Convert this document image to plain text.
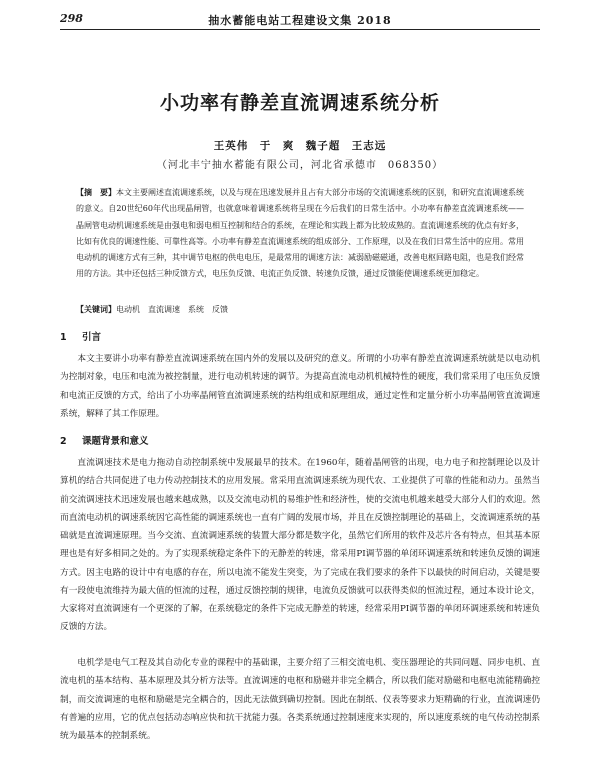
298	抽水蓄能电站工程建设文集 2018
小功率有静差直流调速系统分析
王英伟　于　爽　魏子超　王志远
（河北丰宁抽水蓄能有限公司，河北省承德市　068350）
【摘　要】本文主要阐述直流调速系统，以及与现在迅速发展并且占有大部分市场的交流调速系统的区别，和研究直流调速系统的意义。自20世纪60年代出现晶闸管，也就意味着调速系统将呈现在今后我们的日常生活中。小功率有静差直流调速系统——晶闸管电动机调速系统是由强电和弱电相互控制和结合的系统，在理论和实践上都为比较成熟的。直流调速系统的优点有好多，比如有优良的调速性能、可靠性高等。小功率有静差直流调速系统的组成部分、工作原理，以及在我们日常生活中的应用。常用电动机的调速方式有三种，其中调节电枢的供电电压，是最常用的调速方法：减弱励磁磁通，改善电枢回路电阻，也是我们经常用的方法。其中还包括三种反馈方式，电压负反馈、电流正负反馈、转速负反馈，通过反馈能使调速系统更加稳定。
【关键词】电动机　直流调速　系统　反馈
1 引言
本文主要讲小功率有静差直流调速系统在国内外的发展以及研究的意义。所谓的小功率有静差直流调速系统就是以电动机为控制对象，电压和电流为被控制量，进行电动机转速的调节。为提高直流电动机机械特性的硬度，我们常采用了电压负反馈和电流正反馈的方式，给出了小功率晶闸管直流调速系统的结构组成和原理组成，通过定性和定量分析小功率晶闸管直流调速系统，解释了其工作原理。
2 课题背景和意义
直流调速技术是电力拖动自动控制系统中发展最早的技术。在1960年，随着晶闸管的出现，电力电子和控制理论以及计算机的结合共同促进了电力传动控制技术的应用发展。常采用直流调速系统为现代农、工业提供了可靠的性能和动力。虽然当前交流调速技术迅速发展也越来越成熟，以及交流电动机的易维护性和经济性，使的交流电机越来越受大部分人们的欢迎。然而直流电动机的调速系统因它高性能的调速系统也一直有广阔的发展市场，并且在反馈控制理论的基础上，交流调速系统的基础就是直流调速原理。当今交流、直流调速系统的装置大部分都是数字化，虽然它们所用的软件及芯片各有特点，但其基本原理也是有好多相同之处的。为了实现系统稳定条件下的无静差的转速，常采用PI调节器的单闭环调速系统和转速负反馈的调速方式。因主电路的设计中有电感的存在，所以电流不能发生突变，为了完成在我们要求的条件下以最快的时间启动，关键是要有一段使电流维持为最大值的恒流的过程，通过反馈控制的规律，电流负反馈就可以获得类似的恒流过程，通过本设计论文，大家将对直流调速有一个更深的了解，在系统稳定的条件下完成无静差的转速，经常采用PI调节器的单闭环调速系统和转速负反馈的方法。
电机学是电气工程及其自动化专业的课程中的基础课，主要介绍了三相交流电机、变压器理论的共同问题、同步电机、直流电机的基本结构、基本原理及其分析方法等。直流调速的电枢和励磁并非完全耦合，所以我们能对励磁和电枢电流能精确控制，而交流调速的电枢和励磁是完全耦合的，因此无法做到确切控制。因此在制纸、仪表等要求力矩精确的行业，直流调速仍有普遍的应用，它的优点包括动态响应快和抗干扰能力强。各类系统通过控制速度来实现的，所以速度系统的电气传动控制系统为最基本的控制系统。
